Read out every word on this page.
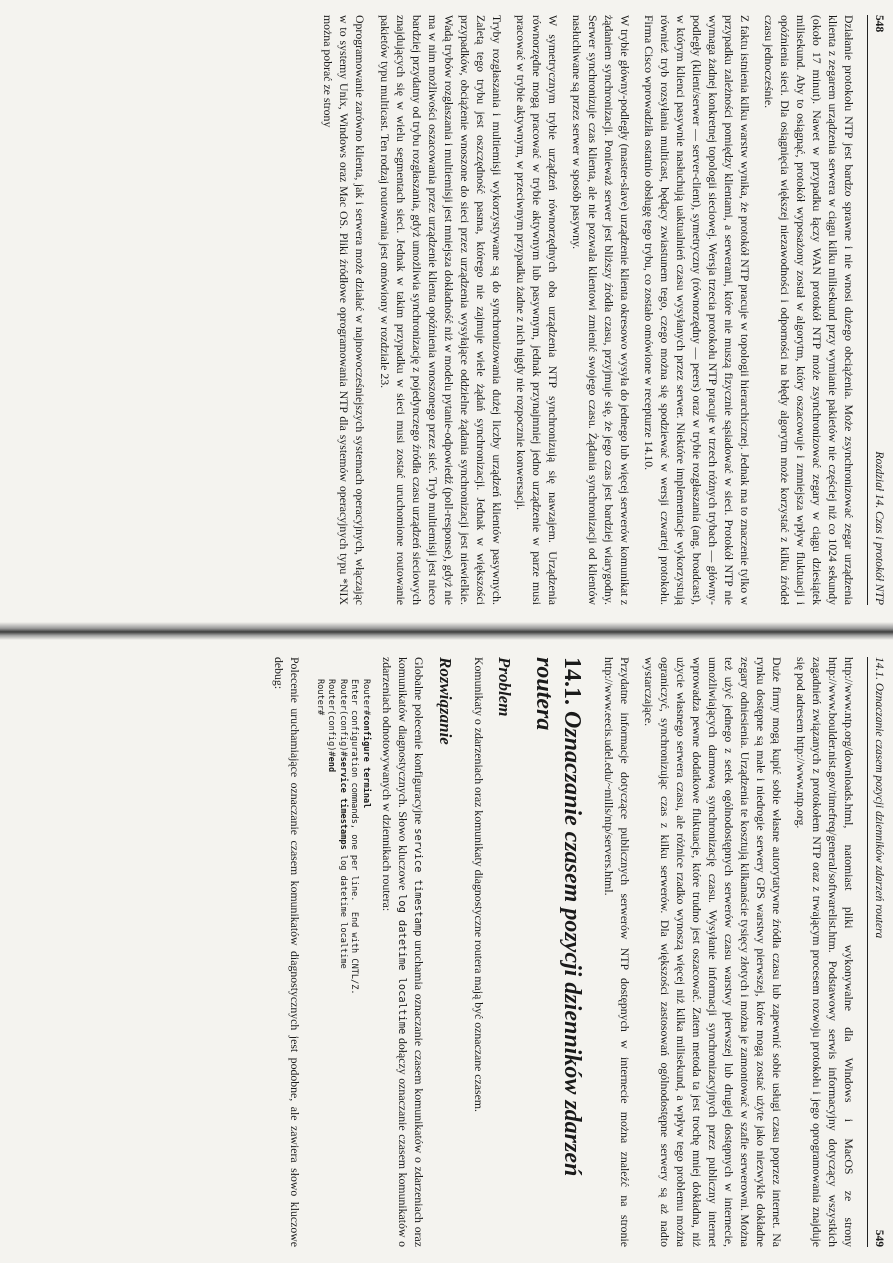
548
Rozdział 14. Czas i protokół NTP

Działanie protokołu NTP jest bardzo sprawne i nie wnosi dużego obciążenia. Może zsynchronizować zegar urządzenia klienta z zegarem urządzenia serwera w ciągu kilku milisekund przy wymianie pakietów nie częściej niż co 1024 sekundy (około 17 minut). Nawet w przypadku łączy WAN protokół NTP może zsynchronizować zegary w ciągu dziesiątek milisekund. Aby to osiągnąć, protokół wyposażony został w algorytm, który oszacowuje i zmniejsza wpływ fluktuacji i opóźnienia sieci. Dla osiągnięcia większej niezawodności i odporności na błędy algorytm może korzystać z kilku źródeł czasu jednocześnie.

Z faktu istnienia kilku warstw wynika, że protokół NTP pracuje w topologii hierarchicznej. Jednak ma to znaczenie tylko w przypadku zależności pomiędzy klientami, a serwerami, które nie muszą fizycznie sąsiadować w sieci. Protokół NTP nie wymaga żadnej konkretnej topologii sieciowej. Wersja trzecia protokołu NTP pracuje w trzech różnych trybach — główny-podległy (klient/serwer — server-client), symetryczny (równorzędny — peers) oraz w trybie rozgłaszania (ang. broadcast), w którym klienci pasywnie nasłuchują uaktualnień czasu wysyłanych przez serwer. Niektóre implementacje wykorzystują również tryb rozsyłania multicast, będący zwiastunem tego, czego można się spodziewać w wersji czwartej protokołu. Firma Cisco wprowadziła ostatnio obsługę tego trybu, co zostało omówione w recepturze 14.10.

W trybie główny-podległy (master-slave) urządzenie klienta okresowo wysyła do jednego lub więcej serwerów komunikat z żądaniem synchronizacji. Ponieważ serwer jest bliższy źródła czasu, przyjmuje się, że jego czas jest bardziej wiarygodny. Serwer synchronizuje czas klienta, ale nie pozwala klientowi zmienić swojego czasu. Żądania synchronizacji od klientów nasłuchiwane są przez serwer w sposób pasywny.

W symetrycznym trybie urządzeń równorzędnych oba urządzenia NTP synchronizują się nawzajem. Urządzenia równorzędne mogą pracować w trybie aktywnym lub pasywnym, jednak przynajmniej jedno urządzenie w parze musi pracować w trybie aktywnym, w przeciwnym przypadku żadne z nich nigdy nie rozpocznie konwersacji.

Tryby rozgłaszania i multiemisji wykorzystywane są do synchronizowania dużej liczby urządzeń klientów pasywnych. Zaletą tego trybu jest oszczędność pasma, którego nie zajmuje wiele żądań synchronizacji. Jednak w większości przypadków, obciążenie wnoszone do sieci przez urządzenia wysyłające oddzielne żądania synchronizacji jest niewielkie. Wadą trybów rozgłaszania i multiemisji jest mniejsza dokładność niż w modelu pytanie-odpowiedź (poll-response), gdyż nie ma w nim możliwości oszacowania przez urządzenie klienta opóźnienia wnoszonego przez sieć. Tryb multiemisji jest nieco bardziej przydatny od trybu rozgłaszania, gdyż umożliwia synchronizację z pojedynczego źródła czasu urządzeń sieciowych znajdujących się w wielu segmentach sieci. Jednak w takim przypadku w sieci musi zostać uruchomione routowanie pakietów typu multicast. Ten rodzaj routowania jest omówiony w rozdziale 23.

Oprogramowanie zarówno klienta, jak i serwera może działać w najnowocześniejszych systemach operacyjnych, włączając w to systemy Unix, Windows oraz Mac OS. Pliki źródłowe oprogramowania NTP dla systemów operacyjnych typu *NIX można pobrać ze strony

14.1. Oznaczanie czasem pozycji dzienników zdarzeń routera
549

http://www.ntp.org/downloads.html, natomiast pliki wykonywalne dla Windows i MacOS ze strony http://www.boulder.nist.gov/timefreq/general/softwarelist.htm. Podstawowy serwis informacyjny dotyczący wszystkich zagadnień związanych z protokołem NTP oraz z trwającym procesem rozwoju protokołu i jego oprogramowania znajduje się pod adresem http://www.ntp.org.

Duże firmy mogą kupić sobie własne autorytatywne źródła czasu lub zapewnić sobie usługi czasu poprzez internet. Na rynku dostępne są małe i niedrogie serwery GPS warstwy pierwszej, które mogą zostać użyte jako niezwykle dokładne zegary odniesienia. Urządzenia te kosztują kilkanaście tysięcy złotych i można je zamontować w szafie serwerowni. Można też użyć jednego z setek ogólnodostępnych serwerów czasu warstwy pierwszej lub drugiej dostępnych w internecie, umożliwiających darmową synchronizację czasu. Wysyłanie informacji synchronizacyjnych przez publiczny internet wprowadza pewne dodatkowe fluktuacje, które trudno jest oszacować. Zatem metoda ta jest trochę mniej dokładna, niż użycie własnego serwera czasu, ale różnice rzadko wynoszą więcej niż kilka milisekund, a wpływ tego problemu można ograniczyć, synchronizując czas z kilku serwerów. Dla większości zastosowań ogólnodostępne serwery są aż nadto wystarczające.

Przydatne informacje dotyczące publicznych serwerów NTP dostępnych w internecie można znaleźć na stronie http://www.eecis.udel.edu/~mills/ntp/servers.html.

14.1. Oznaczanie czasem pozycji dzienników zdarzeń routera
Problem

Komunikaty o zdarzeniach oraz komunikaty diagnostyczne routera mają być oznaczane czasem.

Rozwiązanie

Globalne polecenie konfiguracyjne service timestamp uruchamia oznaczanie czasem komunikatów o zdarzeniach oraz komunikatów diagnostycznych. Słowo kluczowe log datetime localtime dołączy oznaczanie czasem komunikatów o zdarzeniach odnotowywanych w dziennikach routera:

Router#configure terminal
Enter configuration commands, one per line.  End with CNTL/Z.
Router(config)#service timestamps log datetime localtime
Router(config)#end
Router#

Polecenie uruchamiające oznaczanie czasem komunikatów diagnostycznych jest podobne, ale zawiera słowo kluczowe debug:
